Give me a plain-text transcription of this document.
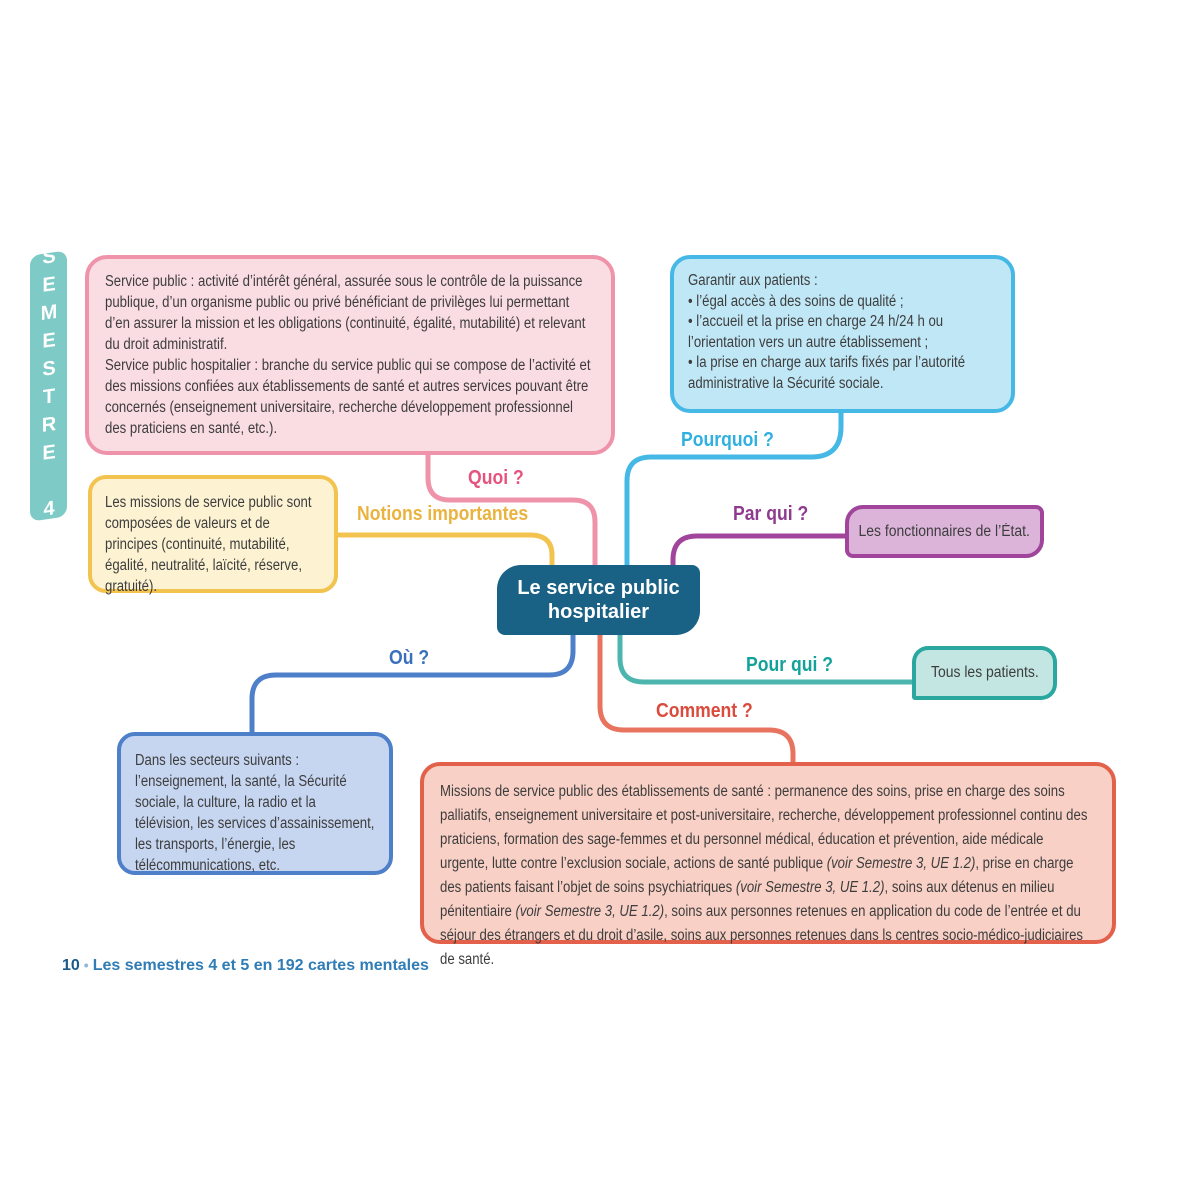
SEMESTRE 4	Service public : activité d’intérêt général, assurée sous le contrôle de la puissance publique, d’un organisme public ou privé bénéficiant de privilèges lui permettant d’en assurer la mission et les obligations (continuité, égalité, mutabilité) et relevant du droit administratif.

Service public hospitalier : branche du service public qui se compose de l’activité et des missions confiées aux établissements de santé et autres services pouvant être concernés (enseignement universitaire, recherche développement professionnel des praticiens en santé, etc.).

Garantir aux patients :

• l’égal accès à des soins de qualité ;

• l’accueil et la prise en charge 24 h/24 h ou l’orientation vers un autre établissement ;

• la prise en charge aux tarifs fixés par l’autorité administrative la Sécurité sociale.

Les missions de service public sont composées de valeurs et de principes (continuité, mutabilité, égalité, neutralité, laïcité, réserve, gratuité).
Les fonctionnaires de l’État.
Tous les patients.
Dans les secteurs suivants : l’enseignement, la santé, la Sécurité sociale, la culture, la radio et la télévision, les services d’assainissement, les transports, l’énergie, les télécommunications, etc.
Missions de service public des établissements de santé : permanence des soins, prise en charge des soins palliatifs, enseignement universitaire et post-universitaire, recherche, développement professionnel continu des praticiens, formation des sage-femmes et du personnel médical, éducation et prévention, aide médicale urgente, lutte contre l’exclusion sociale, actions de santé publique (voir Semestre 3, UE 1.2), prise en charge des patients faisant l’objet de soins psychiatriques (voir Semestre 3, UE 1.2), soins aux détenus en milieu pénitentiaire (voir Semestre 3, UE 1.2), soins aux personnes retenues en application du code de l’entrée et du séjour des étrangers et du droit d’asile, soins aux personnes retenues dans ls centres socio-médico-judiciaires de santé.
Le service public hospitalier
Quoi ?
Pourquoi ?
Notions importantes	Par qui ?
Où ?	Pour qui ?
Comment ?
10 • Les semestres 4 et 5 en 192 cartes mentales
